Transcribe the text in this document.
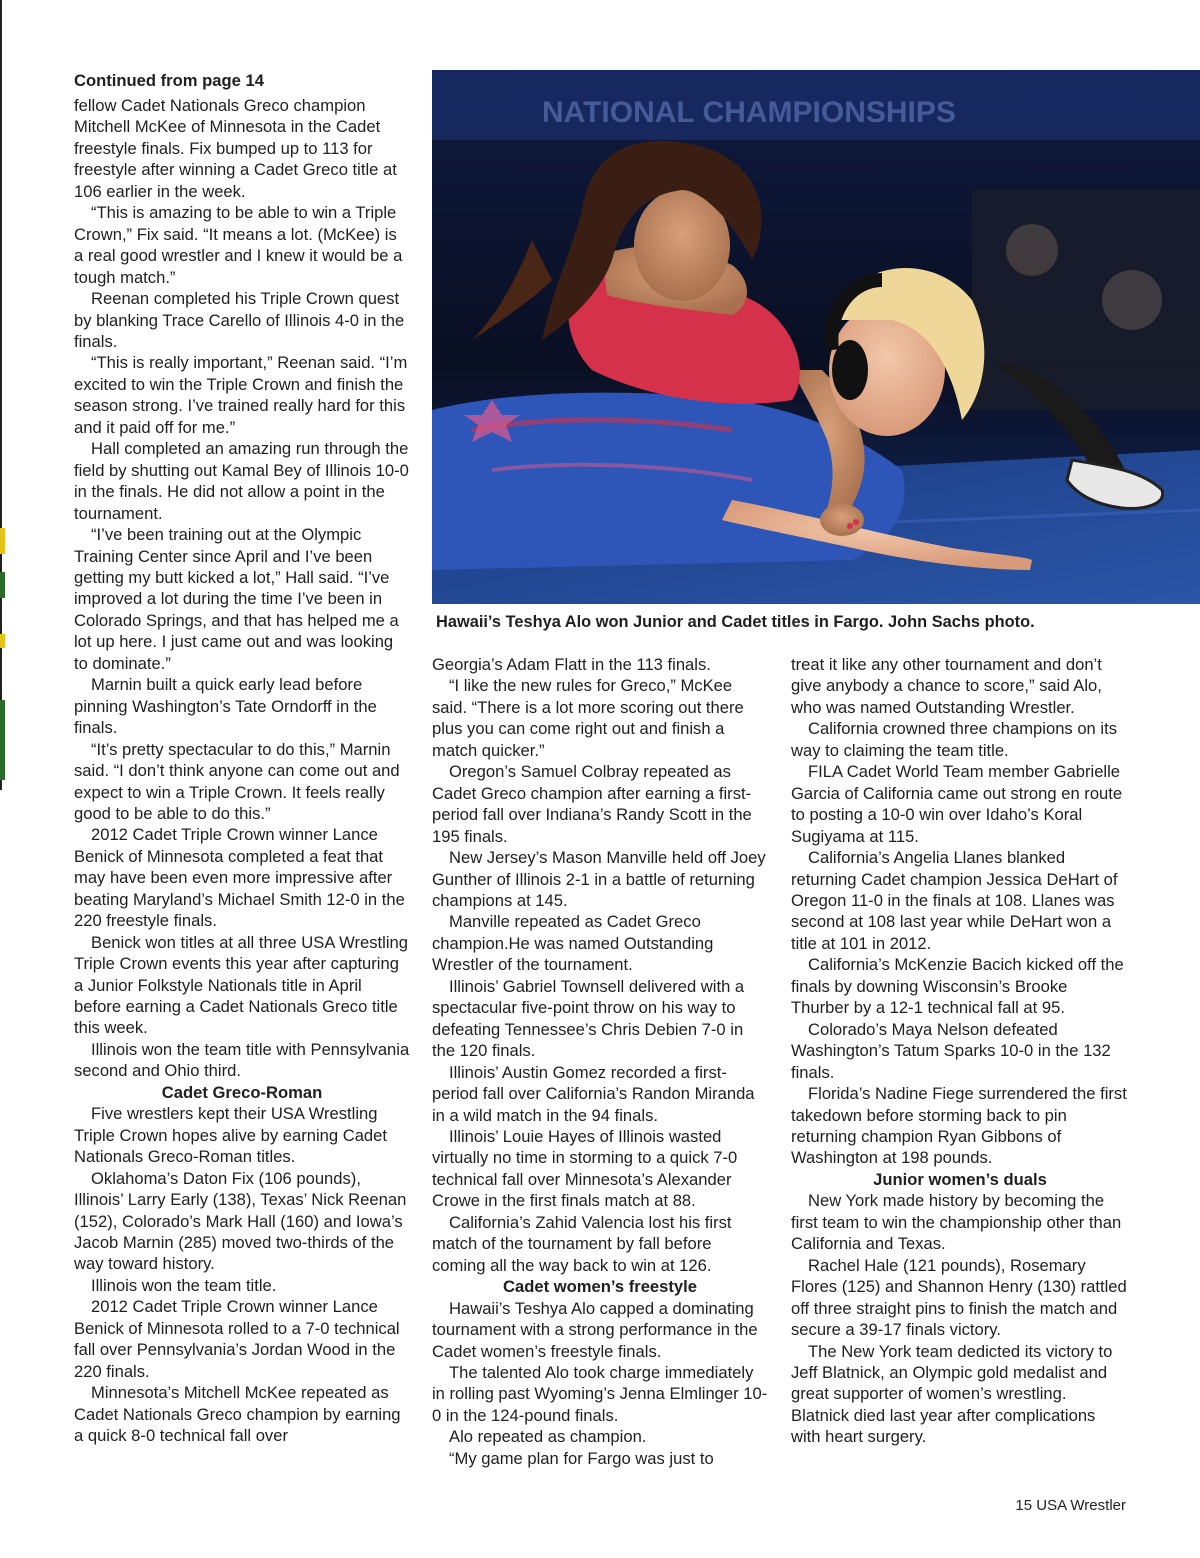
Continued from page 14

fellow Cadet Nationals Greco champion Mitchell McKee of Minnesota in the Cadet freestyle finals. Fix bumped up to 113 for freestyle after winning a Cadet Greco title at 106 earlier in the week.

“This is amazing to be able to win a Triple Crown,” Fix said. “It means a lot. (McKee) is a real good wrestler and I knew it would be a tough match.”

Reenan completed his Triple Crown quest by blanking Trace Carello of Illinois 4-0 in the finals.

“This is really important,” Reenan said. “I’m excited to win the Triple Crown and finish the season strong. I’ve trained really hard for this and it paid off for me.”

Hall completed an amazing run through the field by shutting out Kamal Bey of Illinois 10-0 in the finals. He did not allow a point in the tournament.

“I’ve been training out at the Olympic Training Center since April and I’ve been getting my butt kicked a lot,” Hall said. “I’ve improved a lot during the time I’ve been in Colorado Springs, and that has helped me a lot up here. I just came out and was looking to dominate.”

Marnin built a quick early lead before pinning Washington’s Tate Orndorff in the finals.

“It’s pretty spectacular to do this,” Marnin said. “I don’t think anyone can come out and expect to win a Triple Crown. It feels really good to be able to do this.”

2012 Cadet Triple Crown winner Lance Benick of Minnesota completed a feat that may have been even more impressive after beating Maryland’s Michael Smith 12-0 in the 220 freestyle finals.

Benick won titles at all three USA Wrestling Triple Crown events this year after capturing a Junior Folkstyle Nationals title in April before earning a Cadet Nationals Greco title this week.

Illinois won the team title with Pennsylvania second and Ohio third.

Cadet Greco-Roman

Five wrestlers kept their USA Wrestling Triple Crown hopes alive by earning Cadet Nationals Greco-Roman titles.

Oklahoma’s Daton Fix (106 pounds), Illinois’ Larry Early (138), Texas’ Nick Reenan (152), Colorado’s Mark Hall (160) and Iowa’s Jacob Marnin (285) moved two-thirds of the way toward history.

Illinois won the team title.

2012 Cadet Triple Crown winner Lance Benick of Minnesota rolled to a 7-0 technical fall over Pennsylvania’s Jordan Wood in the 220 finals.

Minnesota’s Mitchell McKee repeated as Cadet Nationals Greco champion by earning a quick 8-0 technical fall over

NATIONAL CHAMPIONSHIPS
Hawaii’s Teshya Alo won Junior and Cadet titles in Fargo. John Sachs photo.

Georgia’s Adam Flatt in the 113 finals.

“I like the new rules for Greco,” McKee said. “There is a lot more scoring out there plus you can come right out and finish a match quicker.”

Oregon’s Samuel Colbray repeated as Cadet Greco champion after earning a first-period fall over Indiana’s Randy Scott in the 195 finals.

New Jersey’s Mason Manville held off Joey Gunther of Illinois 2-1 in a battle of returning champions at 145.

Manville repeated as Cadet Greco champion.He was named Outstanding Wrestler of the tournament.

Illinois’ Gabriel Townsell delivered with a spectacular five-point throw on his way to defeating Tennessee’s Chris Debien 7-0 in the 120 finals.

Illinois’ Austin Gomez recorded a first-period fall over California’s Randon Miranda in a wild match in the 94 finals.

Illinois’ Louie Hayes of Illinois wasted virtually no time in storming to a quick 7-0 technical fall over Minnesota’s Alexander Crowe in the first finals match at 88.

California’s Zahid Valencia lost his first match of the tournament by fall before coming all the way back to win at 126.

Cadet women’s freestyle

Hawaii’s Teshya Alo capped a dominating tournament with a strong performance in the Cadet women’s freestyle finals.

The talented Alo took charge immediately in rolling past Wyoming’s Jenna Elmlinger 10-0 in the 124-pound finals.

Alo repeated as champion.

“My game plan for Fargo was just to

treat it like any other tournament and don’t give anybody a chance to score,” said Alo, who was named Outstanding Wrestler.

California crowned three champions on its way to claiming the team title.

FILA Cadet World Team member Gabrielle Garcia of California came out strong en route to posting a 10-0 win over Idaho’s Koral Sugiyama at 115.

California’s Angelia Llanes blanked returning Cadet champion Jessica DeHart of Oregon 11-0 in the finals at 108. Llanes was second at 108 last year while DeHart won a title at 101 in 2012.

California’s McKenzie Bacich kicked off the finals by downing Wisconsin’s Brooke Thurber by a 12-1 technical fall at 95.

Colorado’s Maya Nelson defeated Washington’s Tatum Sparks 10-0 in the 132 finals.

Florida’s Nadine Fiege surrendered the first takedown before storming back to pin returning champion Ryan Gibbons of Washington at 198 pounds.

Junior women’s duals

New York made history by becoming the first team to win the championship other than California and Texas.

Rachel Hale (121 pounds), Rosemary Flores (125) and Shannon Henry (130) rattled off three straight pins to finish the match and secure a 39-17 finals victory.

The New York team dedicted its victory to Jeff Blatnick, an Olympic gold medalist and great supporter of women’s wrestling. Blatnick died last year after complications with heart surgery.

15 USA Wrestler
